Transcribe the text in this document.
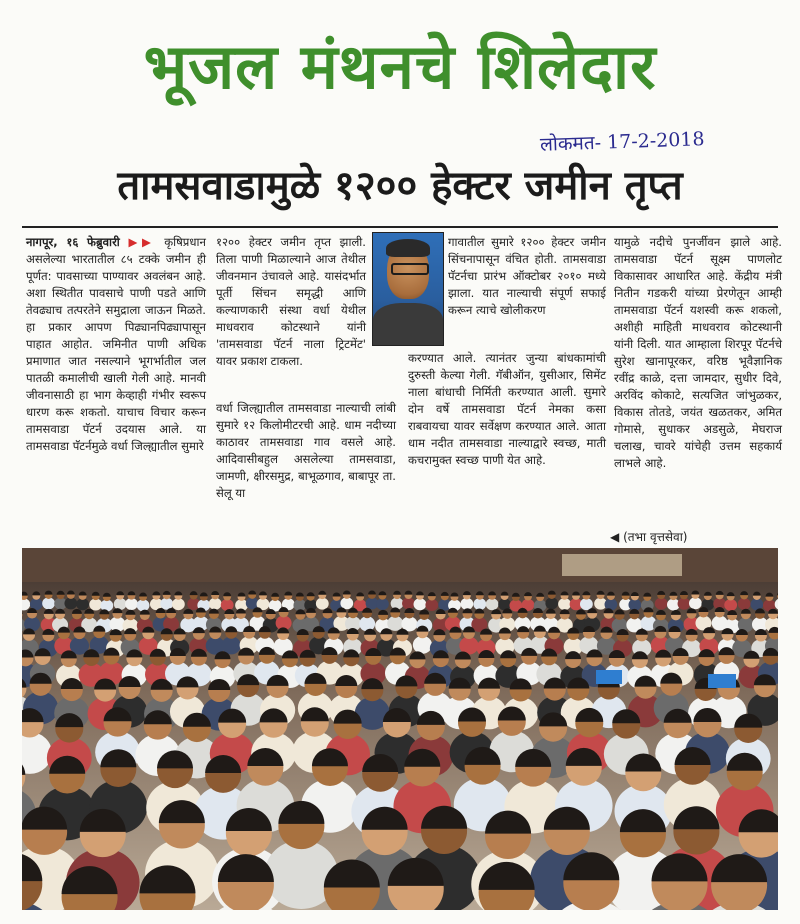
भूजल मंथनचे शिलेदार
लोकमत- 17-2-2018
तामसवाडामुळे १२०० हेक्टर जमीन तृप्त

नागपूर, १६ फेब्रुवारी ▶▶ कृषिप्रधान असलेल्या भारतातील ८५ टक्के जमीन ही पूर्णत: पावसाच्या पाण्यावर अवलंबन आहे. अशा स्थितीत पावसाचे पाणी पडते आणि तेवढ्याच तत्परतेने समुद्राला जाऊन मिळते. हा प्रकार आपण पिढ्यानपिढ्यापासून पाहात आहोत. जमिनीत पाणी अधिक प्रमाणात जात नसल्याने भूगर्भातील जल पातळी कमालीची खाली गेली आहे. मानवी जीवनासाठी हा भाग केव्हाही गंभीर स्वरूप धारण करू शकतो. याचाच विचार करून तामसवाडा पॅटर्न उदयास आले. या तामसवाडा पॅटर्नमुळे वर्धा जिल्ह्यातील सुमारे

१२०० हेक्टर जमीन तृप्त झाली. तिला पाणी मिळाल्याने आज तेथील जीवनमान उंचावले आहे. यासंदर्भात पूर्ती सिंचन समृद्धी आणि कल्याणकारी संस्था वर्धा येथील माधवराव कोटस्थाने यांनी 'तामसवाडा पॅटर्न नाला ट्रिटमेंट' यावर प्रकाश टाकला.

वर्धा जिल्ह्यातील तामसवाडा नाल्याची लांबी सुमारे १२ किलोमीटरची आहे. धाम नदीच्या काठावर तामसवाडा गाव वसले आहे. आदिवासीबहुल असलेल्या तामसवाडा, जामणी, क्षीरसमुद्र, बाभूळगाव, बाबापूर ता. सेलू या

गावातील सुमारे १२०० हेक्टर जमीन सिंचनापासून वंचित होती. तामसवाडा पॅटर्नचा प्रारंभ ऑक्टोबर २०१० मध्ये झाला. यात नाल्याची संपूर्ण सफाई करून त्याचे खोलीकरण

करण्यात आले. त्यानंतर जुन्या बांधकामांची दुरुस्ती केल्या गेली. गॅबीऑन, युसीआर, सिमेंट नाला बांधाची निर्मिती करण्यात आली. सुमारे दोन वर्षे तामसवाडा पॅटर्न नेमका कसा राबवायचा यावर सर्वेक्षण करण्यात आले. आता धाम नदीत तामसवाडा नाल्याद्वारे स्वच्छ, माती कचरामुक्त स्वच्छ पाणी येत आहे.

यामुळे नदीचे पुनर्जीवन झाले आहे. तामसवाडा पॅटर्न सूक्ष्म पाणलोट विकासावर आधारित आहे. केंद्रीय मंत्री नितीन गडकरी यांच्या प्रेरणेतून आम्ही तामसवाडा पॅटर्न यशस्वी करू शकलो, अशीही माहिती माधवराव कोटस्थानी यांनी दिली. यात आम्हाला शिरपूर पॅटर्नचे सुरेश खानापूरकर, वरिष्ठ भूवैज्ञानिक रवींद्र काळे, दत्ता जामदार, सुधीर दिवे, अरविंद कोकाटे, सत्यजित जांभुळकर, विकास तोतडे, जयंत खळतकर, अमित गोमासे, सुधाकर अडसुळे, मेघराज चलाख, चावरे यांचेही उत्तम सहकार्य लाभले आहे.

◀ (तभा वृत्तसेवा)
